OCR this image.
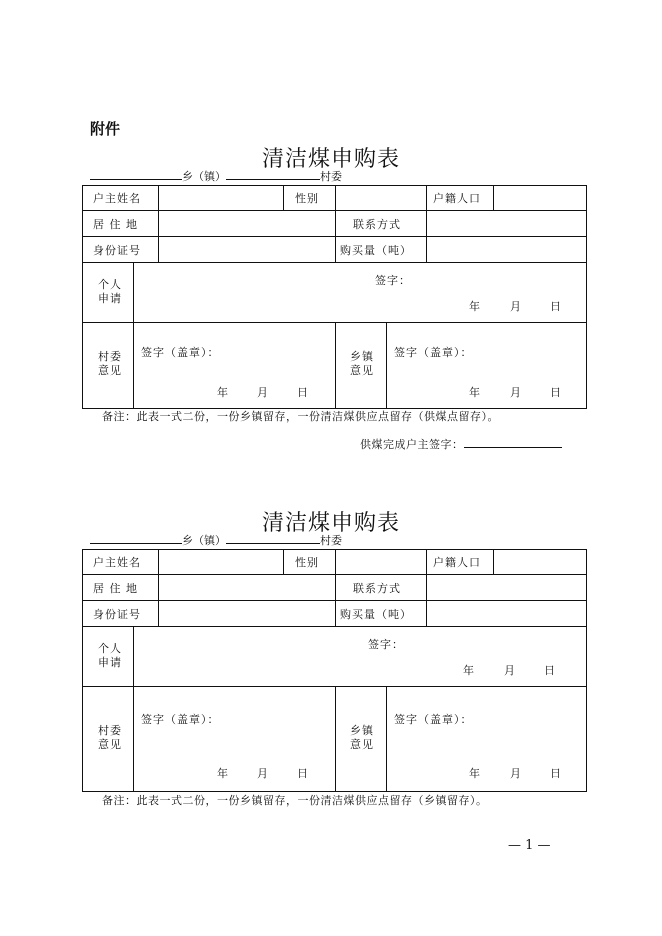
附件
清洁煤申购表
乡（镇）	村委
户主姓名	性别	户籍人口
居 住 地	联系方式
身份证号	购买量（吨）
个人
申请
签字：
年	月	日
村委
意见
签字（盖章）：
年	月	日
乡镇
意见
签字（盖章）：
年	月	日
备注：此表一式二份，一份乡镇留存，一份清洁煤供应点留存（供煤点留存）。
供煤完成户主签字：
清洁煤申购表
乡（镇）	村委
户主姓名	性别	户籍人口
居 住 地	联系方式
身份证号	购买量（吨）
个人
申请
签字：
年	月	日
村委
意见
签字（盖章）：
年	月	日
乡镇
意见
签字（盖章）：
年	月	日
备注：此表一式二份，一份乡镇留存，一份清洁煤供应点留存（乡镇留存）。
— 1 —
